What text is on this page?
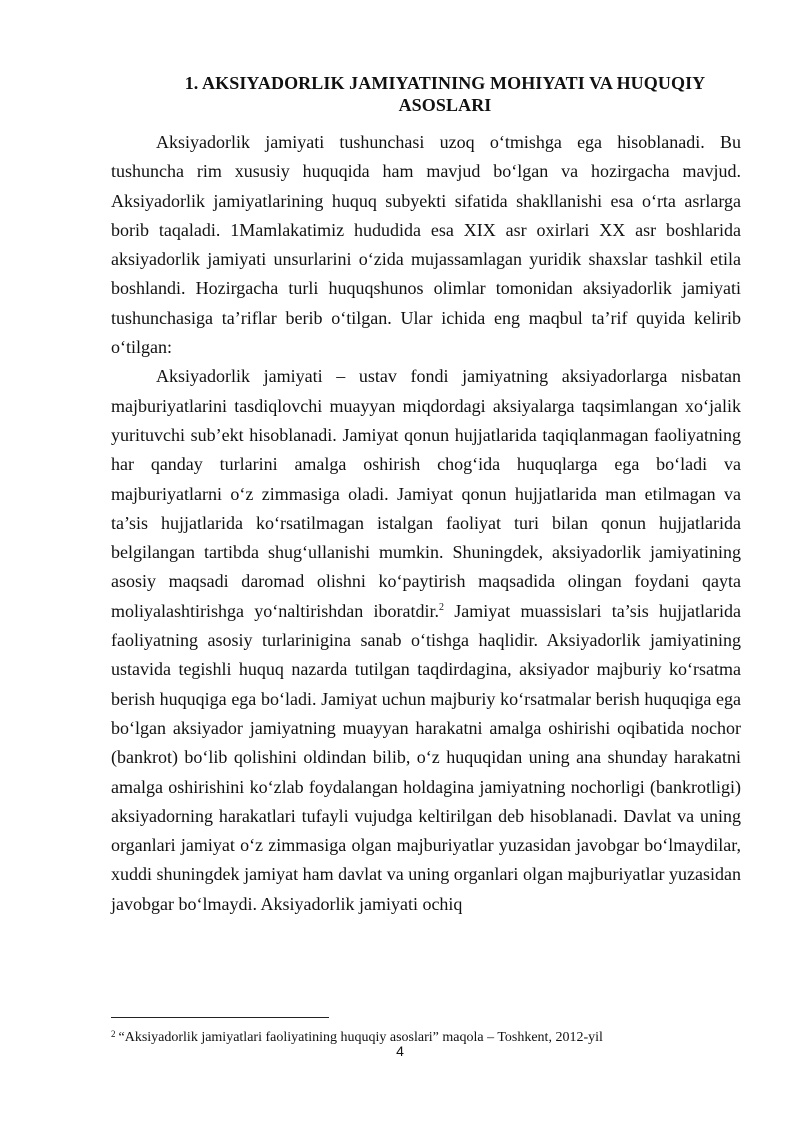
1. AKSIYADORLIK JAMIYATINING MOHIYATI VA HUQUQIY
ASOSLARI

Aksiyadorlik jamiyati tushunchasi uzoq o‘tmishga ega hisoblanadi. Bu tushuncha rim xususiy huquqida ham mavjud bo‘lgan va hozirgacha mavjud. Aksiyadorlik jamiyatlarining huquq subyekti sifatida shakllanishi esa o‘rta asrlarga borib taqaladi. 1Mamlakatimiz hududida esa XIX asr oxirlari XX asr boshlarida aksiyadorlik jamiyati unsurlarini o‘zida mujassamlagan yuridik shaxslar tashkil etila boshlandi. Hozirgacha turli huquqshunos olimlar tomonidan aksiyadorlik jamiyati tushunchasiga ta’riflar berib o‘tilgan. Ular ichida eng maqbul ta’rif quyida kelirib o‘tilgan:

Aksiyadorlik jamiyati – ustav fondi jamiyatning aksiyadorlarga nisbatan majburiyatlarini tasdiqlovchi muayyan miqdordagi aksiyalarga taqsimlangan xo‘jalik yurituvchi sub’ekt hisoblanadi. Jamiyat qonun hujjatlarida taqiqlanmagan faoliyatning har qanday turlarini amalga oshirish chog‘ida huquqlarga ega bo‘ladi va majburiyatlarni o‘z zimmasiga oladi. Jamiyat qonun hujjatlarida man etilmagan va ta’sis hujjatlarida ko‘rsatilmagan istalgan faoliyat turi bilan qonun hujjatlarida belgilangan tartibda shug‘ullanishi mumkin. Shuningdek, aksiyadorlik jamiyatining asosiy maqsadi daromad olishni ko‘paytirish maqsadida olingan foydani qayta moliyalashtirishga yo‘naltirishdan iboratdir.$^2$ Jamiyat muassislari ta’sis hujjatlarida faoliyatning asosiy turlarinigina sanab o‘tishga haqlidir. Aksiyadorlik jamiyatining ustavida tegishli huquq nazarda tutilgan taqdirdagina, aksiyador majburiy ko‘rsatma berish huquqiga ega bo‘ladi. Jamiyat uchun majburiy ko‘rsatmalar berish huquqiga ega bo‘lgan aksiyador jamiyatning muayyan harakatni amalga oshirishi oqibatida nochor (bankrot) bo‘lib qolishini oldindan bilib, o‘z huquqidan uning ana shunday harakatni amalga oshirishini ko‘zlab foydalangan holdagina jamiyatning nochorligi (bankrotligi) aksiyadorning harakatlari tufayli vujudga keltirilgan deb hisoblanadi. Davlat va uning organlari jamiyat o‘z zimmasiga olgan majburiyatlar yuzasidan javobgar bo‘lmaydilar, xuddi shuningdek jamiyat ham davlat va uning organlari olgan majburiyatlar yuzasidan javobgar bo‘lmaydi. Aksiyadorlik jamiyati ochiq

$^2$ “Aksiyadorlik jamiyatlari faoliyatining huquqiy asoslari” maqola – Toshkent, 2012-yil
4
